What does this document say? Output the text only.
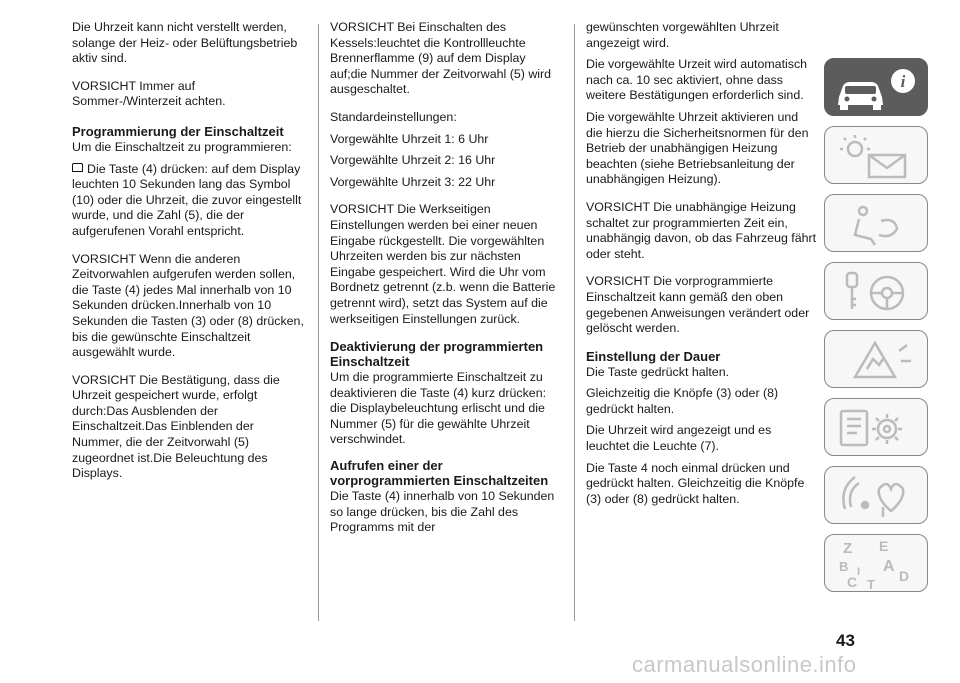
Die Uhrzeit kann nicht verstellt werden, solange der Heiz- oder Belüftungsbetrieb aktiv sind.

VORSICHT Immer auf Sommer-/Winterzeit achten.

Programmierung der Einschaltzeit

Um die Einschaltzeit zu programmieren:

Die Taste (4) drücken: auf dem Display leuchten 10 Sekunden lang das Symbol (10) oder die Uhrzeit, die zuvor eingestellt wurde, und die Zahl (5), die der aufgerufenen Vorahl entspricht.

VORSICHT Wenn die anderen Zeitvorwahlen aufgerufen werden sollen, die Taste (4) jedes Mal innerhalb von 10 Sekunden drücken.Innerhalb von 10 Sekunden die Tasten (3) oder (8) drücken, bis die gewünschte Einschaltzeit ausgewählt wurde.

VORSICHT Die Bestätigung, dass die Uhrzeit gespeichert wurde, erfolgt durch:Das Ausblenden der Einschaltzeit.Das Einblenden der Nummer, die der Zeitvorwahl (5) zugeordnet ist.Die Beleuchtung des Displays.

VORSICHT Bei Einschalten des Kessels:leuchtet die Kontrollleuchte Brennerflamme (9) auf dem Display auf;die Nummer der Zeitvorwahl (5) wird ausgeschaltet.

Standardeinstellungen:

Vorgewählte Uhrzeit 1: 6 Uhr

Vorgewählte Uhrzeit 2: 16 Uhr

Vorgewählte Uhrzeit 3: 22 Uhr

VORSICHT Die Werkseitigen Einstellungen werden bei einer neuen Eingabe rückgestellt. Die vorgewählten Uhrzeiten werden bis zur nächsten Eingabe gespeichert. Wird die Uhr vom Bordnetz getrennt (z.b. wenn die Batterie getrennt wird), setzt das System auf die werkseitigen Einstellungen zurück.

Deaktivierung der programmierten Einschaltzeit

Um die programmierte Einschaltzeit zu deaktivieren die Taste (4) kurz drücken: die Displaybeleuchtung erlischt und die Nummer (5) für die gewählte Uhrzeit verschwindet.

Aufrufen einer der vorprogrammierten Einschaltzeiten

Die Taste (4) innerhalb von 10 Sekunden so lange drücken, bis die Zahl des Programms mit der

gewünschten vorgewählten Uhrzeit angezeigt wird.

Die vorgewählte Urzeit wird automatisch nach ca. 10 sec aktiviert, ohne dass weitere Bestätigungen erforderlich sind.

Die vorgewählte Uhrzeit aktivieren und die hierzu die Sicherheitsnormen für den Betrieb der unabhängigen Heizung beachten (siehe Betriebsanleitung der unabhängigen Heizung).

VORSICHT Die unabhängige Heizung schaltet zur programmierten Zeit ein, unabhängig davon, ob das Fahrzeug fährt oder steht.

VORSICHT Die vorprogrammierte Einschaltzeit kann gemäß den oben gegebenen Anweisungen verändert oder gelöscht werden.

Einstellung der Dauer

Die Taste gedrückt halten.

Gleichzeitig die Knöpfe (3) oder (8) gedrückt halten.

Die Uhrzeit wird angezeigt und es leuchtet die Leuchte (7).

Die Taste 4 noch einmal drücken und gedrückt halten. Gleichzeitig die Knöpfe (3) oder (8) gedrückt halten.

i
Z E
B A
I
C T
D
43
carmanualsonline.info
